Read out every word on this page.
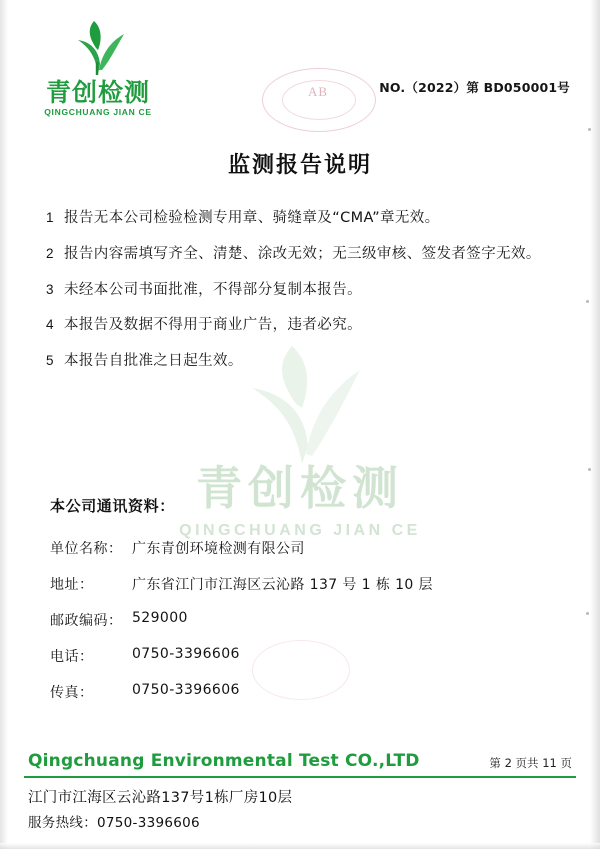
青创检测
QINGCHUANG JIAN CE
NO.（2022）第 BD050001号
АВ
监测报告说明
1 报告无本公司检验检测专用章、骑缝章及“CMA”章无效。
2 报告内容需填写齐全、清楚、涂改无效；无三级审核、签发者签字无效。
3 未经本公司书面批准，不得部分复制本报告。
4 本报告及数据不得用于商业广告，违者必究。
5 本报告自批准之日起生效。
青创检测
QINGCHUANG JIAN CE
本公司通讯资料：
单位名称： 广东青创环境检测有限公司
地址：	广东省江门市江海区云沁路 137 号 1 栋 10 层
邮政编码： 529000
电话：	0750-3396606
传真：	0750-3396606
Qingchuang Environmental Test CO.,LTD	第 2 页共 11 页
江门市江海区云沁路137号1栋厂房10层
服务热线：0750-3396606
